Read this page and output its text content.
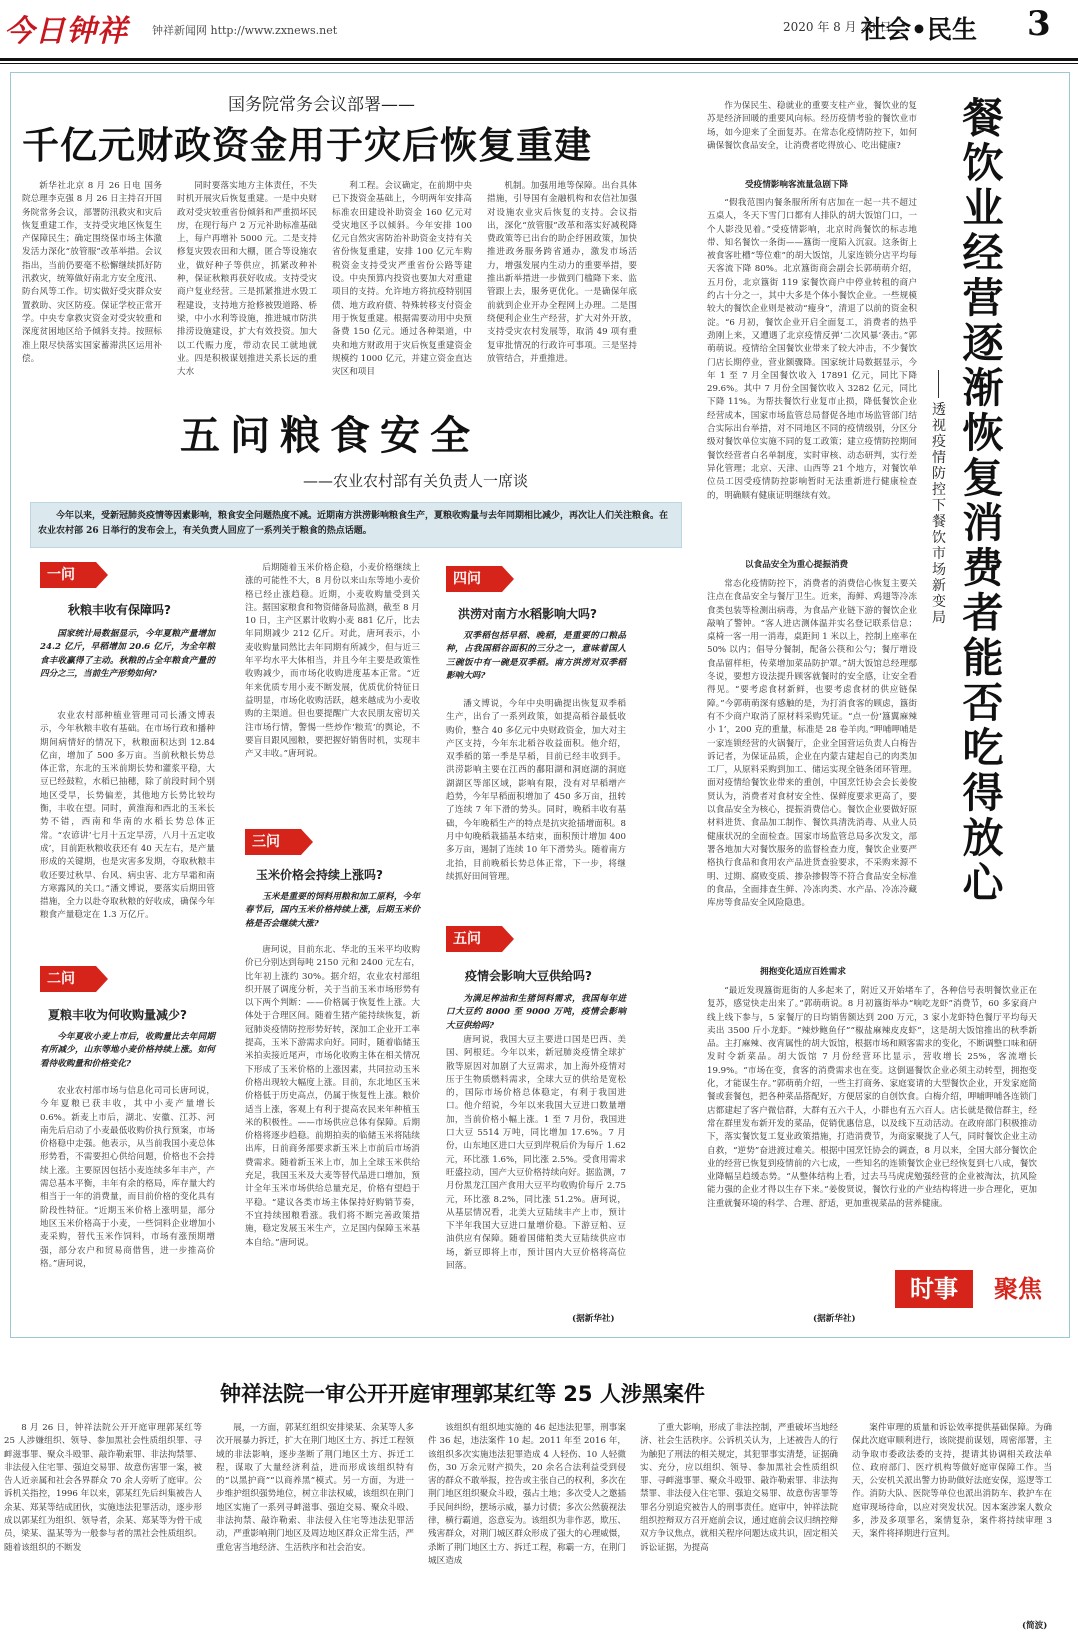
今日钟祥 钟祥新闻网 http://www.zxnews.net	2020 年 8 月 28 日
社会•民生 3
国务院常务会议部署——
千亿元财政资金用于灾后恢复重建

新华社北京 8 月 26 日电 国务院总理李克强 8 月 26 日主持召开国务院常务会议，部署防汛救灾和灾后恢复重建工作，支持受灾地区恢复生产保障民生；确定围绕保市场主体激发活力深化“放管服”改革举措。会议指出，当前仍要毫不松懈继续抓好防汛救灾，统筹做好南北方安全度汛、防台风等工作。切实做好受灾群众安置救助、灾区防疫。保证学校正常开学。中央专拿救灾资金对受灾较重和深度贫困地区给予倾斜支持。按照标准上限尽快落实国家蓄滞洪区运用补偿。

同时要落实地方主体责任，不失时机开展灾后恢复重建。一是中央财政对受灾较重省份倾斜和严重损坏民房，在现行每户 2 万元补助标准基础上，每户再增补 5000 元。二是支持修复灾毁农田和大棚，匿合等设施农业，做好种子等供应，抓紧改种补种，保证秋粮再获好收成。支持受灾商户复业经营。三是抓紧推进水毁工程建设，支持地方抢修被毁道路、桥梁，中小水利等设施，推进城市防洪排涝设施建设，扩大有效投资。加大以工代赈力度，带动农民工就地就业。四是积极谋划推进关系长远的重大水

利工程。会议确定，在前期中央已下拨资金基础上，今明两年安排高标准农田建设补助资金 160 亿元对受灾地区予以倾斜。今年安排 100 亿元自然灾害防治补助资金支持有关省份恢复重建，安排 100 亿元车购税资金支持受灾严重省份公路等建设。中央预算内投资也要加大对重建项目的支持。允许地方将抗疫特别国债、地方政府债、特殊转移支付资金用于恢复重建。根据需要动用中央预备费 150 亿元。通过各种渠道，中央和地方财政用于灾后恢复重建资金规模约 1000 亿元，并建立资金直达灾区和项目

机制。加强用地等保障。出台具体措施，引导国有金融机构和农信社加强对设施农业灾后恢复的支持。会议指出，深化“放管服”改革和落实好减税降费政策等已出台的助企纾困政策，加快推进政务服务跨省通办，激发市场活力，增强发展内生动力的重要举措，要推出新举措进一步做到门槛降下来、监管跟上去，服务更优化。一是确保年底前就到企业开办全程网上办理。二是围绕便利企业生产经营，扩大对外开放，支持受灾农村发展等，取消 49 项有重复审批情况的行政许可事项。三是坚持放管结合，并重推进。

五问粮食安全
——农业农村部有关负责人一席谈
今年以来，受新冠肺炎疫情等因素影响，粮食安全问题热度不减。近期南方洪涝影响粮食生产，夏粮收购量与去年同期相比减少，再次让人们关注粮食。在农业农村部 26 日举行的发布会上，有关负责人回应了一系列关于粮食的热点话题。
一问
秋粮丰收有保障吗?
国家统计局数据显示，今年夏粮产量增加 24.2 亿斤，早稻增加 20.6 亿斤，为全年粮食丰收赢得了主动。秋粮的占全年粮食产量的四分之三，当前生产形势如何?

农业农村部种植业管理司司长潘文博表示，今年秋粮丰收有基础。在市场行政和播种期间病情好的情况下，秋粮面积达到 12.84 亿亩，增加了 500 多万亩。当前秋粮长势总体正常，东北的玉米前期长势和灌浆平稳，大豆已经鼓粒，水稻已抽穗，除了前段时间个别地区受旱，长势偏差，其他地方长势比较均衡，丰收在望。同时，黄淮海和西北的玉米长势不错，西南和华南的水稻长势总体正常。“农谚讲‘七月十五定旱涝，八月十五定收成’，目前距秋粮收获还有 40 天左右，是产量形成的关键期，也是灾害多发期，夺取秋粮丰收还要过秋旱、台风、病虫害、北方早霜和南方寒露风的关口。”潘文博说，要落实后期田管措施，全力以赴夺取秋粮的好收成，确保今年粮食产量稳定在 1.3 万亿斤。

二问
夏粮丰收为何收购量减少?
今年夏收小麦上市后，收购量比去年同期有所减少，山东等地小麦价格持续上涨。如何看待收购量和价格变化?

农业农村部市场与信息化司司长唐珂说，今年夏粮已获丰收，其中小麦产量增长 0.6%。新麦上市后，湖北、安徽、江苏、河南先后启动了小麦最低收购价执行预案，市场价格稳中走强。他表示，从当前我国小麦总体形势看，不需要担心供给问题，价格也不会持续上涨。主要原因包括小麦连续多年丰产，产需总基本平衡，丰年有余的格局，库存量大约相当于一年的消费量，而目前价格的变化具有阶段性特征。“近期玉米价格上涨明显，部分地区玉米价格高于小麦，一些饲料企业增加小麦采购，替代玉米作饲料，市场有涨预期增强，部分农户和贸易商借售，进一步推高价格。”唐珂说，

后期随着玉米价格企稳，小麦价格继续上涨的可能性不大，8 月份以来山东等地小麦价格已经止涨趋稳。近期，小麦收购量受到关注。据国家粮食和物资储备局监测，截至 8 月 10 日，主产区累计收购小麦 881 亿斤，比去年同期减少 212 亿斤。对此，唐珂表示，小麦收购量同然比去年同期有所减少，但与近三年平均水平大体相当，并且今年主要是政策性收购减少，而市场化收购进度基本正常。“近年来优质专用小麦不断发展，优质优价特征日益明显，市场化收购活跃，越来越成为小麦收购的主渠道。但也要提醒广大农民朋友密切关注市场行情，警惕一些炒作‘粮荒’的舆论，不要盲目跟风囤粮，要把握好销售时机，实现丰产又丰收。”唐珂说。

三问
玉米价格会持续上涨吗?
玉米是重要的饲料用粮和加工原料，今年春节后，国内玉米价格持续上涨，后期玉米价格是否会继续大涨?

唐珂说，目前东北、华北的玉米平均收购价已分别达到每吨 2150 元和 2400 元左右，比年初上涨约 30%。据介绍，农业农村部组织开展了调度分析，关于当前玉米市场形势有以下两个判断：——价格属于恢复性上涨。大体处于合理区间。随着生猪产能持续恢复，新冠肺炎疫情防控形势好转，深加工企业开工率提高，玉米下游需求向好。同时，随着临储玉米拍卖接近尾声，市场化收购主体在相关情况下形成了玉米价格的上涨因素，共同拉动玉米价格出现较大幅度上涨。目前，东北地区玉米价格低于历史高点，仍属于恢复性上涨。粮价适当上涨，客观上有利于提高农民来年种植玉米的积极性。——市场供应总体有保障。后期价格将逐步趋稳。前期拍卖的临储玉米将陆续出库，日前商务部要求新玉米上市前后市场消费需求。随着新玉米上市，加上全球玉米供给充足，我国玉米及大麦等替代品进口增加，预计全年玉米市场供给总量充足，价格有望趋于平稳。“建议各类市场主体保持好购销节奏，不宜持续囤粮看涨。我们将不断完善政策措施，稳定发展玉米生产，立足国内保障玉米基本自给。”唐珂说。

四问
洪涝对南方水稻影响大吗?
双季稻包括早稻、晚稻，是重要的口粮品种，占我国稻谷面积的三分之一，意味着国人三碗饭中有一碗是双季稻。南方洪涝对双季稻影响大吗?

潘文博说，今年中央明确提出恢复双季稻生产，出台了一系列政策，如提高稻谷最低收购价，整合 40 多亿元中央财政资金，加大对主产区支持，今年东北稻谷收益面积。他介绍，双季稻的第一季是早稻，目前已经丰收到手。洪涝影响主要在江西的鄱阳湖和洞庭湖的洞庭湖湖区等部区域，影响有限，没有对早稻增产趋势，今年早稻面积增加了 450 多万亩，扭转了连续 7 年下滑的势头。同时，晚稻丰收有基础，今年晚稻生产的特点是抗灾抢插增面积。8 月中旬晚稻栽插基本结束，面积预计增加 400 多万亩，遏制了连续 10 年下滑势头。随着南方北抬，目前晚稻长势总体正常，下一步，将继续抓好田间管理。

五问
疫情会影响大豆供给吗?
为满足榨油和生猪饲料需求，我国每年进口大豆约 8000 至 9000 万吨，疫情会影响大豆供给吗?

唐珂说，我国大豆主要进口国是巴西、美国、阿根廷。今年以来，新冠肺炎疫情全球扩散等原因对加剧了大豆需求，加上海外疫情对压于生物质燃料需求，全球大豆的供给是宽松的，国际市场价格总体稳定，有利于我国进口。他介绍说，今年以来我国大豆进口数量增加，当前价格小幅上涨。1 至 7 月份，我国进口大豆 5514 万吨，同比增加 17.6%。7 月份，山东地区进口大豆到岸税后价为每斤 1.62 元，环比涨 1.6%，同比涨 2.5%。受食用需求旺盛拉动，国产大豆价格持续向好。据监测，7 月份黑龙江国产食用大豆平均收购价每斤 2.75 元，环比涨 8.2%，同比涨 51.2%。唐珂说，从基层情况看，北美大豆陆续丰产上市，预计下半年我国大豆进口量增价稳。下游豆粕、豆油供应有保障。随着国储粕类大豆陆续供应市场，新豆即将上市，预计国内大豆价格将高位回落。

(据新华社)
餐饮业经营逐渐恢复 消费者能否吃得放心
透视疫情防控下餐饮市场新变局

作为保民生、稳就业的重要支柱产业，餐饮业的复苏是经济回暖的重要风向标。经历疫情考验的餐饮业市场，如今迎来了全面复苏。在常态化疫情防控下，如何确保餐饮食品安全，让消费者吃得放心、吃出健康?

受疫情影响客流量急剧下降

“假我范围内餐条服所所有店加在一起一共不超过五桌人，冬天下雪门口都有人排队的胡大饭馆门口，一个人影没见着。”受疫情影响，北京时尚餐饮的标志地带、知名餐饮一条街——簋街一度陷入沉寂。这条街上被食客吐槽“等位难”的胡大饭馆，儿家连锁分店平均每天客流下降 80%。北京簋街商会副会长郭萌萌介绍，五月份，北京簋街 119 家餐饮商户中停业转租的商户约占十分之一，其中大多是个体小餐饮企业。一些规模较大的餐饮企业则是被动“瘦身”，清退了以前的资金积淀。“6 月初，餐饮企业开启全面复工，消费者的热乎劲刚上来，又遭遇了北京疫情反弹‘二次风暴’袭击。”郭萌萌说。疫情给全国餐饮业带来了较大冲击，不少餐饮门店长期停业，营业额骤降。国家统计局数据显示，今年 1 至 7 月全国餐饮收入 17891 亿元，同比下降 29.6%。其中 7 月份全国餐饮收入 3282 亿元，同比下降 11%。为帮扶餐饮行业复市止损，降低餐饮企业经营成本，国家市场监管总局督促各地市场监管部门结合实际出台举措，对不同地区不同的疫情级别，分区分级对餐饮单位实施不同的复工政策；建立疫情防控期间餐饮经营者白名单制度，实时审核、动态研判，实行差异化管理；北京、天津、山西等 21 个地方，对餐饮单位员工因受疫情防控影响暂时无法重新进行健康检查的，明确顺有健康证明继续有效。

以食品安全为重心提振消费

常态化疫情防控下，消费者的消费信心恢复主要关注点在食品安全与餐厅卫生。近来，海鲜、鸡翅等冷冻食类包装等检测出病毒，为食品产业链下游的餐饮企业敲响了警钟。“客人进店测体温并实名登记联系信息；桌椅一客一用一消毒，桌距间 1 米以上，控制上座率在 50% 以内；倡导分餐制，配备公筷和公勺；餐厅增设食品留样柜，传菜增加菜品防护罩。”胡大饭馆总经理鄢冬说，要想方设法提升顾客就餐时的安全感，让安全看得见。“要考虑食材新鲜，也要考虑食材的供应链保障。”今郭萌萌深有感触的是，为打消食客的顾虑，簋街有不少商户取消了原材料采购凭证。“点一份‘簋翼麻辣小 1’，200 克的重量，标准是 28 卷羊肉。”呷哺呷哺是一家连锁经营的火锅餐厅，企业全国营运负责人白梅告诉记者，为保证品质，企业在内蒙古建起自己的肉类加工厂，从原料采购到加工、储运实现全链条闭环管理。面对疫情给餐饮业带来的重创，中国烹饪协会会长姜俊贤认为，消费者对食材安全性、保鲜度要求更高了，要以食品安全为核心，提振消费信心。餐饮企业要做好原材料进货、食品加工制作、餐饮具清洗消毒、从业人员健康状况的全面检查。国家市场监管总局多次发文，部署各地加大对餐饮服务的监督检查力度，餐饮企业要严格执行食品和食用农产品进货查验要求，不采购来源不明、过期、腐败变质、掺杂掺假等不符合食品安全标准的食品，全面排查生鲜、冷冻肉类、水产品、冷冻冷藏库房等食品安全风险隐患。

拥抱变化适应百姓需求

“最近发现簋街逛街的人多起来了，附近又开始堵车了，各种信号表明餐饮业正在复苏，感觉快走出来了。”郭萌萌说。8 月初簋街举办“响吃龙虾”消费节，60 多家商户线上线下参与，5 家餐厅的日均销售额达到 200 万元，3 家小龙虾特色餐厅平均每天卖出 3500 斤小龙虾。“辣炒鲍鱼仔”“椒盐麻辣皮皮虾”，这是胡大饭馆推出的秋季新品。主打麻辣、夜宵属性的胡大饭馆，根据市场和顾客需求的变化，不断调整口味和研发时令新菜品。胡大饭馆 7 月份经营环比显示，营收增长 25%，客流增长 19.9%。“市场在变，食客的消费需求也在变。这倒逼餐饮企业必须主动转型，拥抱变化，才能谋生存。”郭萌萌介绍，一些主打商务、家庭宴请的大型餐饮企业，开发家庭简餐或套餐包，把各种菜品搭配好，方便居家的自创饮食。白梅介绍，呷哺呷哺各连锁门店都建起了客户微信群，大群有五六千人，小群也有五六百人。店长就是微信群主，经常在群里发布新开发的菜品，促销优惠信息，以及线下互动活动。在政府部门积极推动下，落实餐饮复工复业政策措施，打造消费节，为商家聚拢了人气，同时餐饮企业主动自救，“逆势”奋进渡过难关。根据中国烹饪协会的调查，8 月以来，全国大部分餐饮企业的经营已恢复到疫情前的六七成，一些知名的连锁餐饮企业已经恢复到七八成，餐饮业降幅呈趋缓态势。“从整体结构上看，过去马马虎虎勉强经营的企业被淘汰，抗风险能力强的企业才得以生存下来。”姜俊贤说，餐饮行业的产业结构将进一步合理化，更加注重就餐环境的科学、合理、舒适，更加重视菜品的营养健康。

(据新华社)
时事	聚焦
钟祥法院一审公开开庭审理郭某红等 25 人涉黑案件

8 月 26 日，钟祥法院公开开庭审理郭某红等 25 人涉嫌组织、领导、参加黑社会性质组织罪、寻衅滋事罪、聚众斗殴罪、敲诈勒索罪、非法拘禁罪、非法侵入住宅罪、强迫交易罪、故意伤害罪一案，被告人近亲属和社会各界群众 70 余人旁听了庭审。公诉机关指控，1996 年以来，郭某红先后纠集被告人余某、郑某等结成团伙，实施违法犯罪活动，逐步形成以郭某红为组织、领导者，余某、郑某等为骨干成员，梁某、温某等为一般参与者的黑社会性质组织。随着该组织的不断发

展，一方面，郭某红组织安排梁某、余某等人多次开展暴力拆迁，扩大在荆门地区土方、拆迁工程领域的非法影响，逐步垄断了荆门地区土方、拆迁工程，谋取了大量经济利益，进而形成该组织特有的“以黑护商”“以商养黑”模式。另一方面，为进一步维护组织强势地位，树立非法权威，该组织在荆门地区实施了一系列寻衅滋事、强迫交易、聚众斗殴、非法拘禁、敲诈勒索、非法侵入住宅等违法犯罪活动，严重影响荆门地区及周边地区群众正常生活，严重危害当地经济、生活秩序和社会治安。

该组织有组织地实施的 46 起违法犯罪，刑事案件 36 起，违法案件 10 起。2011 年至 2016 年，该组织多次实施违法犯罪造成 4 人轻伤、10 人轻微伤，30 万余元财产损失，20 余名合法利益受到侵害的群众不敢举报，控告或主张自己的权利，多次在荆门地区组织聚众斗殴，强占土地；多次受人之邀插手民间纠纷，摆场示威，暴力讨债；多次公然藐视法律，横行霸道，恣意妄为。该组织为非作恶，欺压、残害群众，对荆门城区群众形成了强大的心理威慑，杀断了荆门地区土方、拆迁工程，称霸一方，在荆门城区造成

了重大影响，形成了非法控制，严重破坏当地经济、社会生活秩序。公诉机关认为，上述被告人的行为触犯了刑法的相关规定，其犯罪事实清楚，证据确实、充分，应以组织、领导、参加黑社会性质组织罪、寻衅滋事罪、聚众斗殴罪、敲诈勒索罪、非法拘禁罪、非法侵入住宅罪、强迫交易罪、故意伤害罪等罪名分别追究被告人的刑事责任。庭审中，钟祥法院组织控辩双方召开庭前会议，通过庭前会议归纳控辩双方争议焦点，就相关程序问题达成共识，固定相关诉讼证据，为提高

案件审理的质量和诉讼效率提供基础保障。为确保此次庭审顺利进行，该院提前谋划，周密部署，主动争取市委政法委的支持，提请其协调相关政法单位、政府部门、医疗机构等做好庭审保障工作。当天，公安机关派出警力协助做好法庭安保，巡逻等工作。消防大队、医院等单位也派出消防车、救护车在庭审现场待命，以应对突发状况。因本案涉案人数众多，涉及多项罪名，案情复杂，案件将持续审理 3 天，案件将择期进行宣判。

(简波)
